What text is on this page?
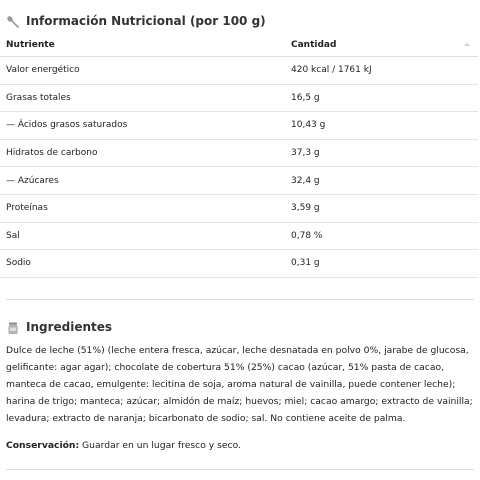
Información Nutricional (por 100 g)
Nutriente	Cantidad

Valor energético	420 kcal / 1761 kJ
Grasas totales	16,5 g
— Ácidos grasos saturados	10,43 g
Hidratos de carbono	37,3 g
— Azúcares	32,4 g
Proteínas	3,59 g
Sal	0,78 %
Sodio	0,31 g
Ingredientes
Dulce de leche (51%) (leche entera fresca, azúcar, leche desnatada en polvo 0%, jarabe de glucosa, gelificante: agar agar); chocolate de cobertura 51% (25%) cacao (azúcar, 51% pasta de cacao, manteca de cacao, emulgente: lecitina de soja, aroma natural de vainilla, puede contener leche); harina de trigo; manteca; azúcar; almidón de maíz; huevos; miel; cacao amargo; extracto de vainilla; levadura; extracto de naranja; bicarbonato de sodio; sal. No contiene aceite de palma.
Conservación: Guardar en un lugar fresco y seco.
